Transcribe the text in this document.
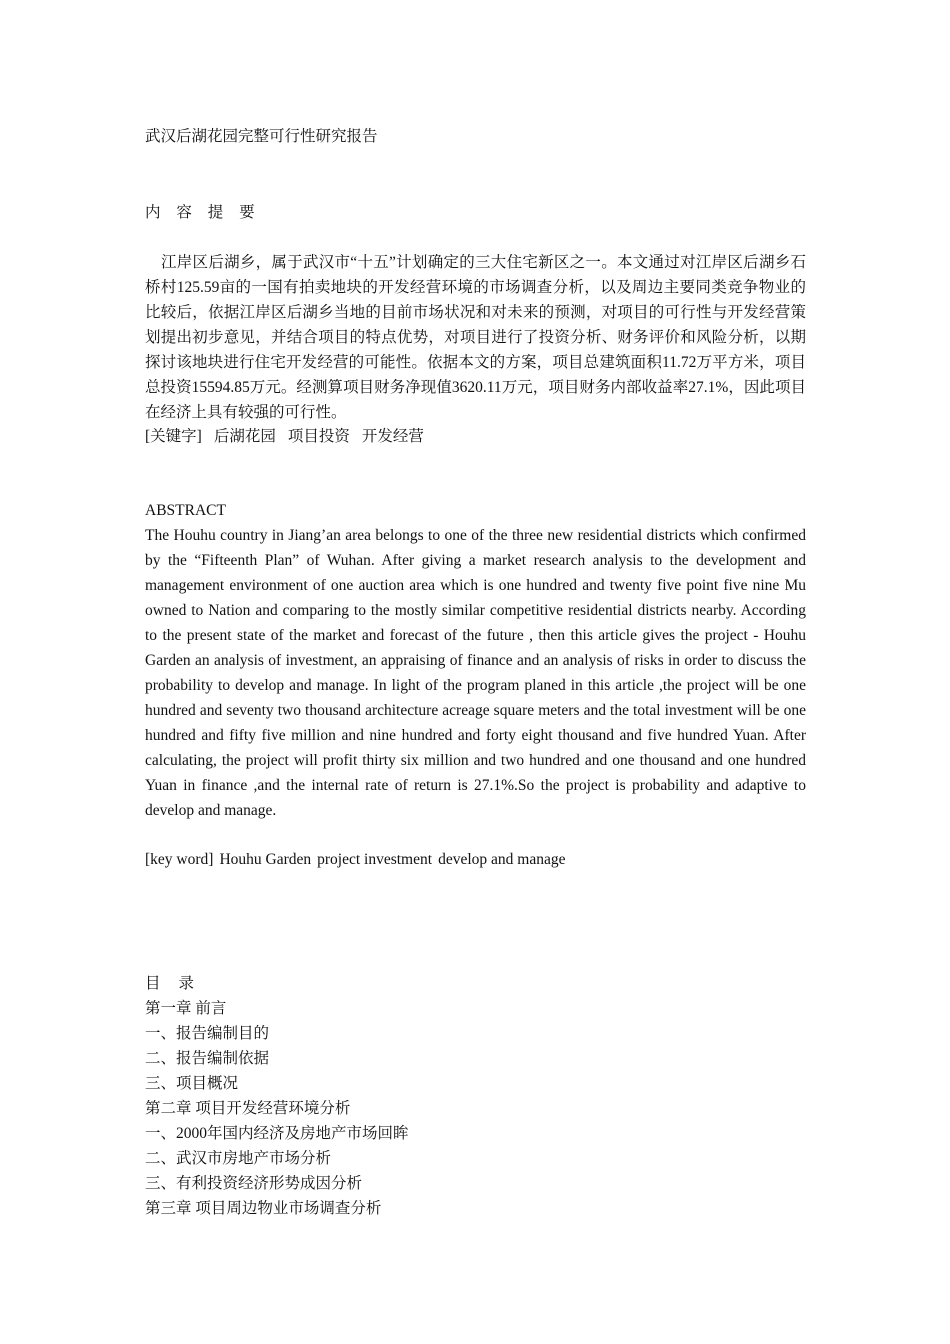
武汉后湖花园完整可行性研究报告
内 容 提 要
江岸区后湖乡，属于武汉市“十五”计划确定的三大住宅新区之一。本文通过对江岸区后湖乡石桥村125.59亩的一国有拍卖地块的开发经营环境的市场调查分析，以及周边主要同类竞争物业的比较后，依据江岸区后湖乡当地的目前市场状况和对未来的预测，对项目的可行性与开发经营策划提出初步意见，并结合项目的特点优势，对项目进行了投资分析、财务评价和风险分析，以期探讨该地块进行住宅开发经营的可能性。依据本文的方案，项目总建筑面积11.72万平方米，项目总投资15594.85万元。经测算项目财务净现值3620.11万元，项目财务内部收益率27.1%，因此项目在经济上具有较强的可行性。
[关键字] 后湖花园 项目投资 开发经营
ABSTRACT
The Houhu country in Jiang’an area belongs to one of the three new residential districts which confirmed by the “Fifteenth Plan” of Wuhan. After giving a market research analysis to the development and management environment of one auction area which is one hundred and twenty five point five nine Mu owned to Nation and comparing to the mostly similar competitive residential districts nearby. According to the present state of the market and forecast of the future , then this article gives the project - Houhu Garden an analysis of investment, an appraising of finance and an analysis of risks in order to discuss the probability to develop and manage. In light of the program planed in this article ,the project will be one hundred and seventy two thousand architecture acreage square meters and the total investment will be one hundred and fifty five million and nine hundred and forty eight thousand and five hundred Yuan. After calculating, the project will profit thirty six million and two hundred and one thousand and one hundred Yuan in finance ,and the internal rate of return is 27.1%.So the project is probability and adaptive to develop and manage.
[key word] Houhu Garden project investment develop and manage
目 录
第一章 前言
一、报告编制目的
二、报告编制依据
三、项目概况
第二章 项目开发经营环境分析
一、2000年国内经济及房地产市场回眸
二、武汉市房地产市场分析
三、有利投资经济形势成因分析
第三章 项目周边物业市场调查分析
